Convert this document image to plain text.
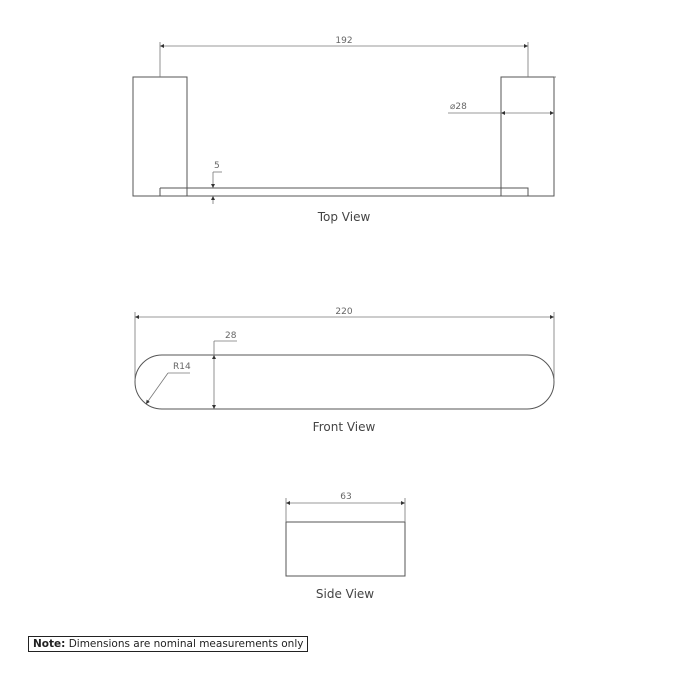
192
⌀28
5
Top View
220
28
R14
Front View
63
Side View
Note: Dimensions are nominal measurements only
